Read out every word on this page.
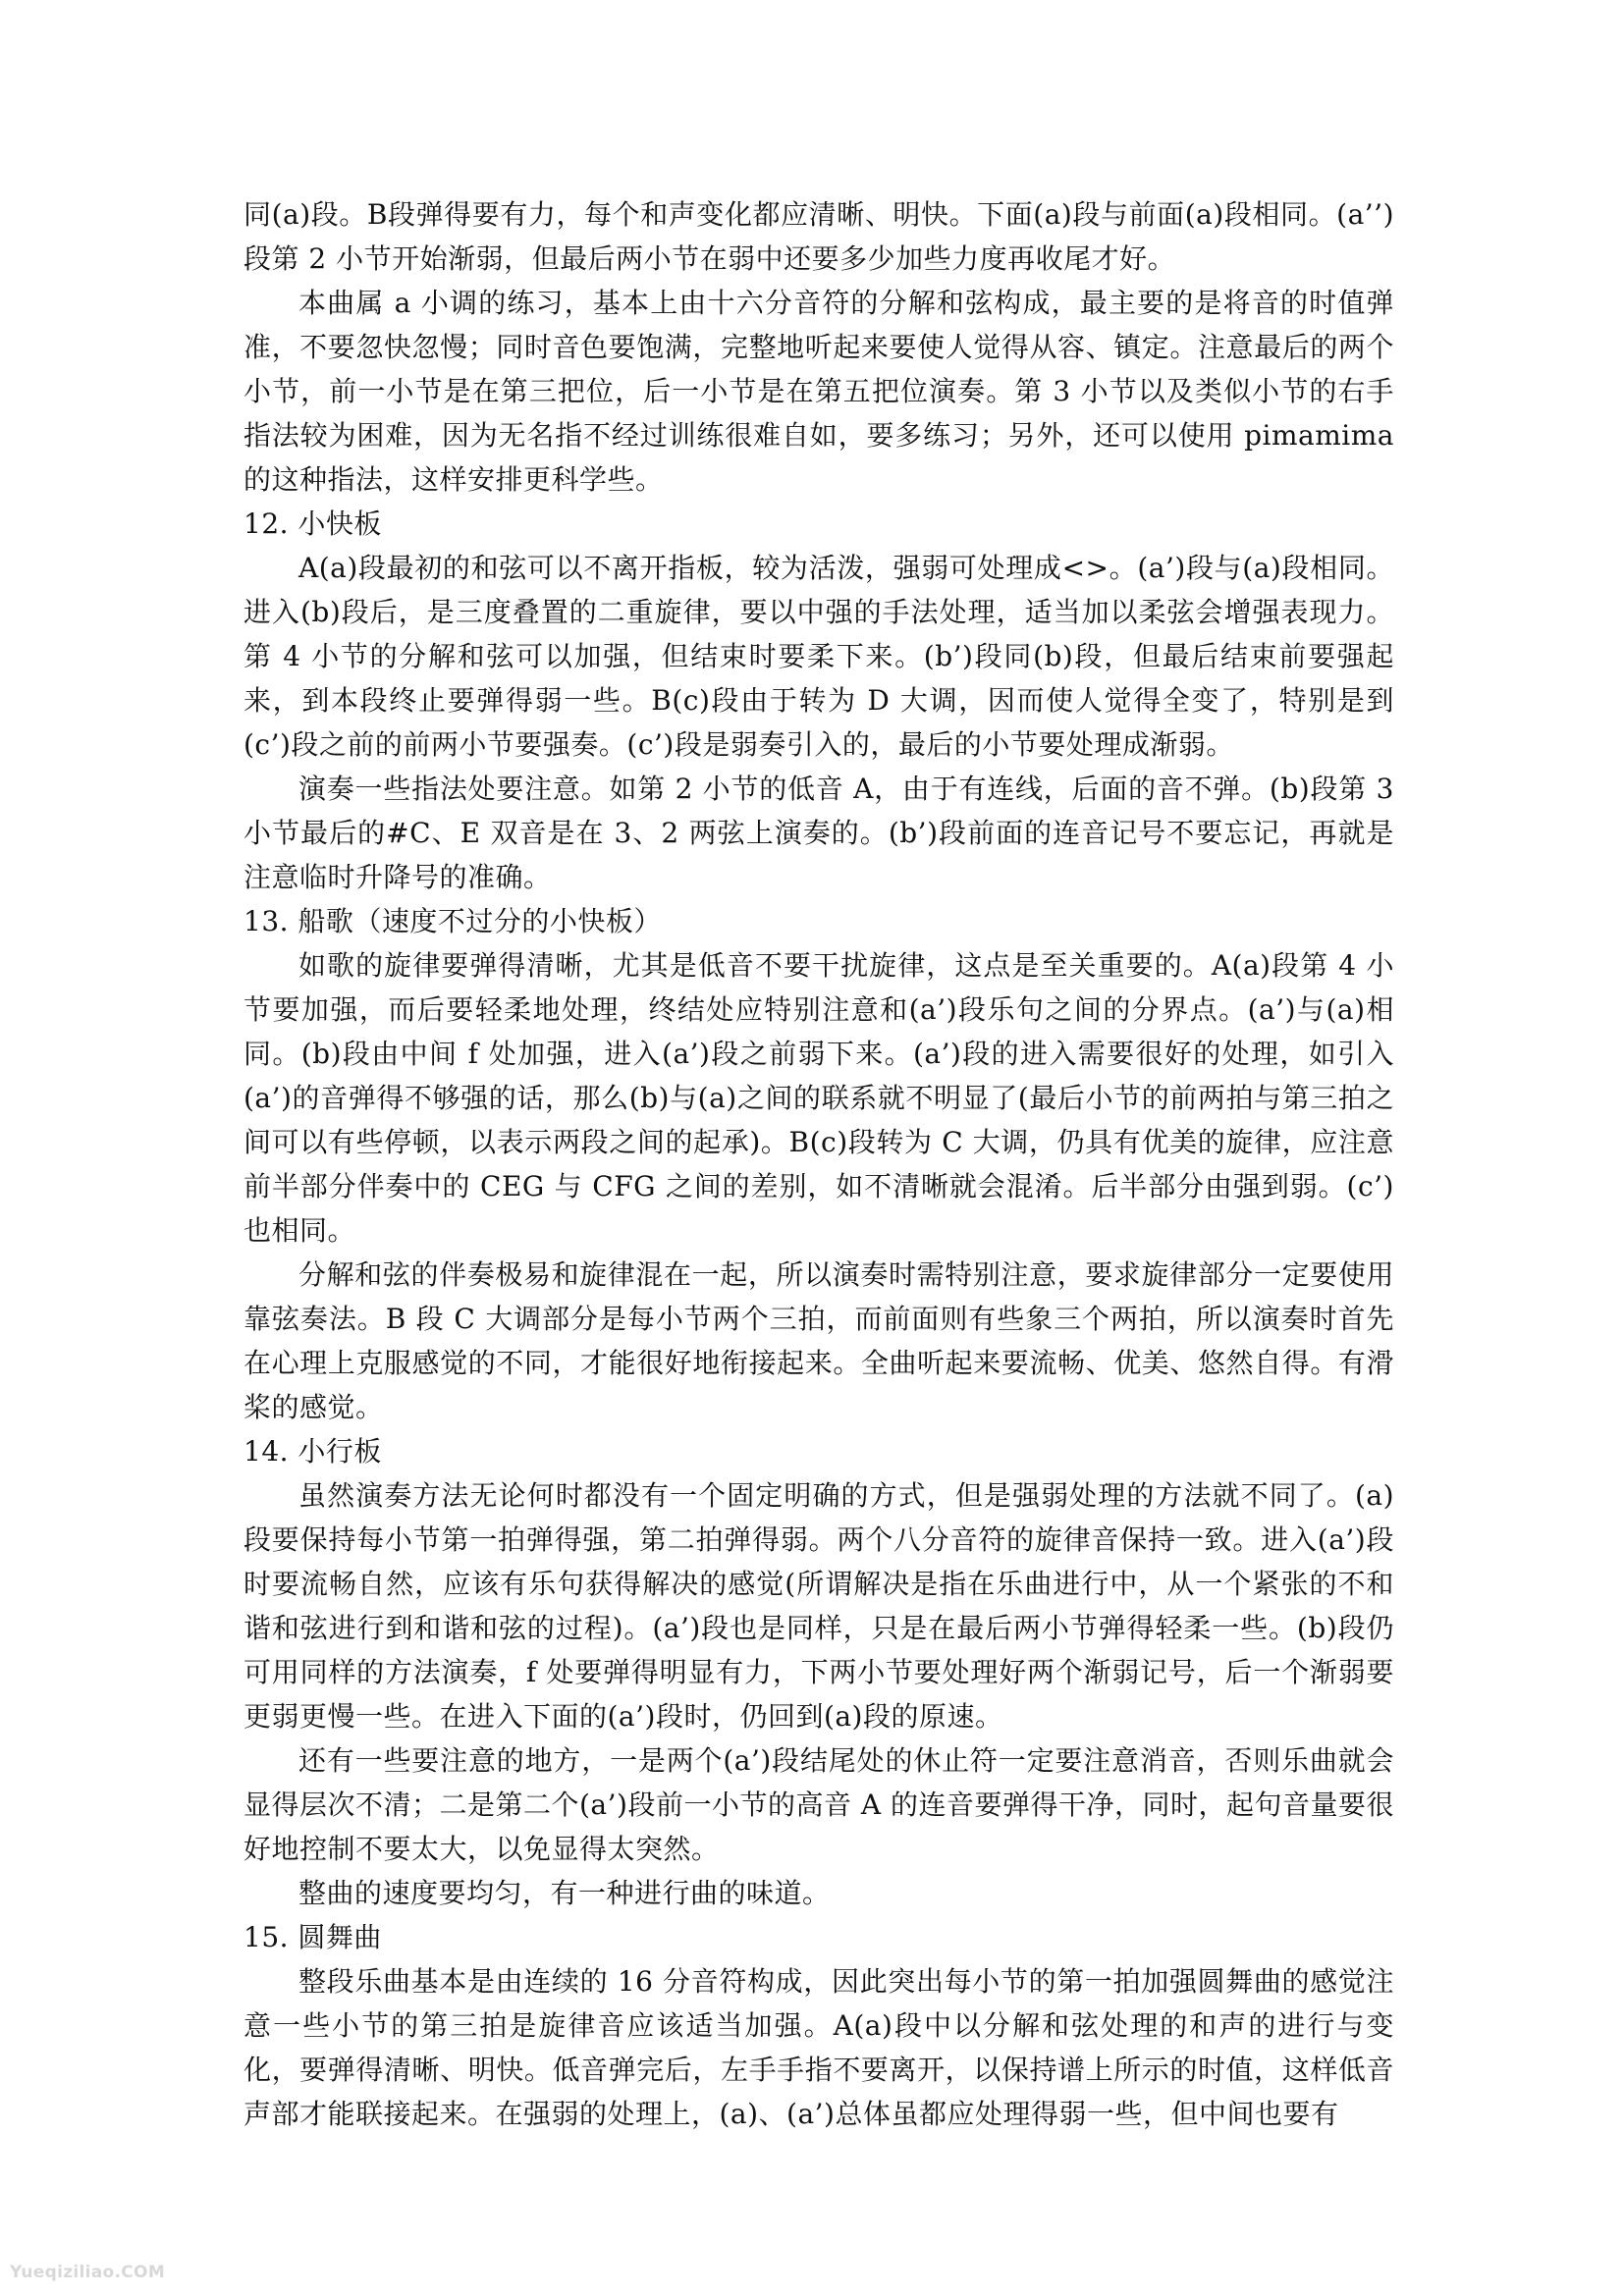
同(a)段。B段弹得要有力，每个和声变化都应清晰、明快。下面(a)段与前面(a)段相同。(a’’)段第 2 小节开始渐弱，但最后两小节在弱中还要多少加些力度再收尾才好。

本曲属 a 小调的练习，基本上由十六分音符的分解和弦构成，最主要的是将音的时值弹准，不要忽快忽慢；同时音色要饱满，完整地听起来要使人觉得从容、镇定。注意最后的两个小节，前一小节是在第三把位，后一小节是在第五把位演奏。第 3 小节以及类似小节的右手指法较为困难，因为无名指不经过训练很难自如，要多练习；另外，还可以使用 pimamima 的这种指法，这样安排更科学些。

12. 小快板

A(a)段最初的和弦可以不离开指板，较为活泼，强弱可处理成<>。(a’)段与(a)段相同。进入(b)段后，是三度叠置的二重旋律，要以中强的手法处理，适当加以柔弦会增强表现力。第 4 小节的分解和弦可以加强，但结束时要柔下来。(b’)段同(b)段，但最后结束前要强起来，到本段终止要弹得弱一些。B(c)段由于转为 D 大调，因而使人觉得全变了，特别是到(c’)段之前的前两小节要强奏。(c’)段是弱奏引入的，最后的小节要处理成渐弱。

演奏一些指法处要注意。如第 2 小节的低音 A，由于有连线，后面的音不弹。(b)段第 3 小节最后的#C、E 双音是在 3、2 两弦上演奏的。(b’)段前面的连音记号不要忘记，再就是注意临时升降号的准确。

13. 船歌（速度不过分的小快板）

如歌的旋律要弹得清晰，尤其是低音不要干扰旋律，这点是至关重要的。A(a)段第 4 小节要加强，而后要轻柔地处理，终结处应特别注意和(a’)段乐句之间的分界点。(a’)与(a)相同。(b)段由中间 f 处加强，进入(a’)段之前弱下来。(a’)段的进入需要很好的处理，如引入(a’)的音弹得不够强的话，那么(b)与(a)之间的联系就不明显了(最后小节的前两拍与第三拍之间可以有些停顿，以表示两段之间的起承)。B(c)段转为 C 大调，仍具有优美的旋律，应注意前半部分伴奏中的 CEG 与 CFG 之间的差别，如不清晰就会混淆。后半部分由强到弱。(c’)也相同。

分解和弦的伴奏极易和旋律混在一起，所以演奏时需特别注意，要求旋律部分一定要使用靠弦奏法。B 段 C 大调部分是每小节两个三拍，而前面则有些象三个两拍，所以演奏时首先在心理上克服感觉的不同，才能很好地衔接起来。全曲听起来要流畅、优美、悠然自得。有滑桨的感觉。

14. 小行板

虽然演奏方法无论何时都没有一个固定明确的方式，但是强弱处理的方法就不同了。(a)段要保持每小节第一拍弹得强，第二拍弹得弱。两个八分音符的旋律音保持一致。进入(a’)段时要流畅自然，应该有乐句获得解决的感觉(所谓解决是指在乐曲进行中，从一个紧张的不和谐和弦进行到和谐和弦的过程)。(a’)段也是同样，只是在最后两小节弹得轻柔一些。(b)段仍可用同样的方法演奏，f 处要弹得明显有力，下两小节要处理好两个渐弱记号，后一个渐弱要更弱更慢一些。在进入下面的(a’)段时，仍回到(a)段的原速。

还有一些要注意的地方，一是两个(a’)段结尾处的休止符一定要注意消音，否则乐曲就会显得层次不清；二是第二个(a’)段前一小节的高音 A 的连音要弹得干净，同时，起句音量要很好地控制不要太大，以免显得太突然。

整曲的速度要均匀，有一种进行曲的味道。

15. 圆舞曲

整段乐曲基本是由连续的 16 分音符构成，因此突出每小节的第一拍加强圆舞曲的感觉注意一些小节的第三拍是旋律音应该适当加强。A(a)段中以分解和弦处理的和声的进行与变化，要弹得清晰、明快。低音弹完后，左手手指不要离开，以保持谱上所示的时值，这样低音声部才能联接起来。在强弱的处理上，(a)、(a’)总体虽都应处理得弱一些，但中间也要有

Yueqiziliao.COM
